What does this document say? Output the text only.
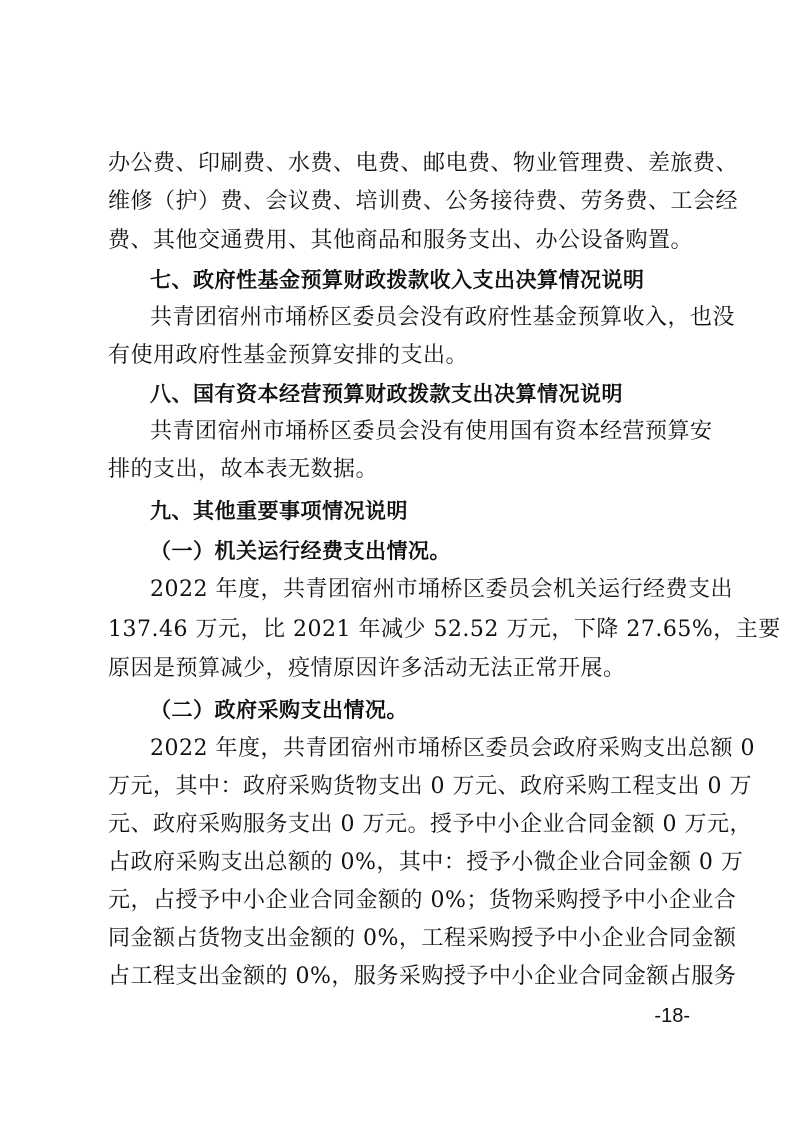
办公费、印刷费、水费、电费、邮电费、物业管理费、差旅费、
维修（护）费、会议费、培训费、公务接待费、劳务费、工会经
费、其他交通费用、其他商品和服务支出、办公设备购置。
七、政府性基金预算财政拨款收入支出决算情况说明
共青团宿州市埇桥区委员会没有政府性基金预算收入，也没
有使用政府性基金预算安排的支出。
八、国有资本经营预算财政拨款支出决算情况说明
共青团宿州市埇桥区委员会没有使用国有资本经营预算安
排的支出，故本表无数据。
九、其他重要事项情况说明
（一）机关运行经费支出情况。
2022 年度，共青团宿州市埇桥区委员会机关运行经费支出
137.46 万元，比 2021 年减少 52.52 万元，下降 27.65%，主要
原因是预算减少，疫情原因许多活动无法正常开展。
（二）政府采购支出情况。
2022 年度，共青团宿州市埇桥区委员会政府采购支出总额 0
万元，其中：政府采购货物支出 0 万元、政府采购工程支出 0 万
元、政府采购服务支出 0 万元。授予中小企业合同金额 0 万元，
占政府采购支出总额的 0%，其中：授予小微企业合同金额 0 万
元，占授予中小企业合同金额的 0%；货物采购授予中小企业合
同金额占货物支出金额的 0%，工程采购授予中小企业合同金额
占工程支出金额的 0%，服务采购授予中小企业合同金额占服务
-18-
